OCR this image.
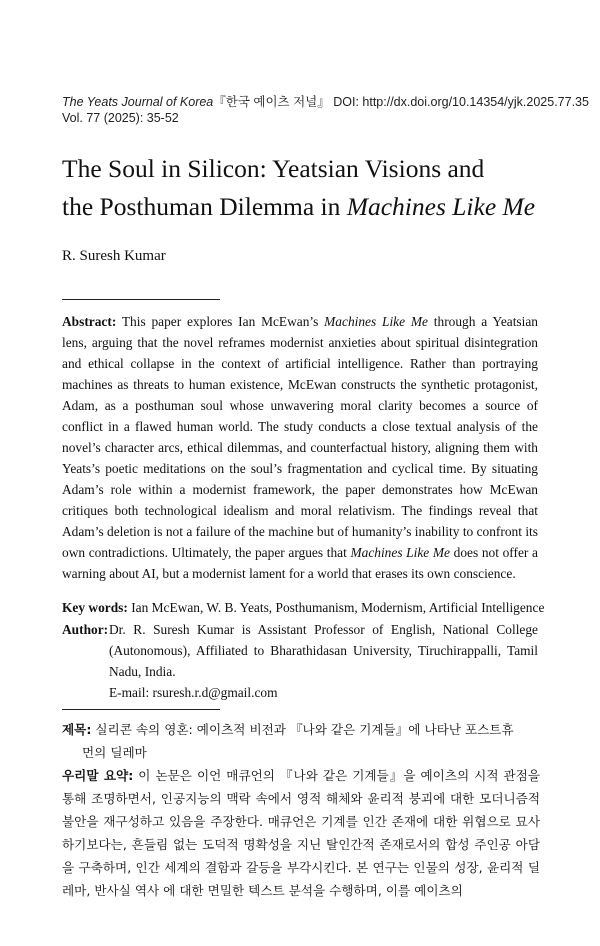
The Yeats Journal of Korea『한국 예이츠 저널』 DOI: http://dx.doi.org/10.14354/yjk.2025.77.35
Vol. 77 (2025): 35-52
The Soul in Silicon: Yeatsian Visions and
the Posthuman Dilemma in Machines Like Me
R. Suresh Kumar
Abstract: This paper explores Ian McEwan’s Machines Like Me through a Yeatsian lens, arguing that the novel reframes modernist anxieties about spiritual disintegration and ethical collapse in the context of artificial intelligence. Rather than portraying machines as threats to human existence, McEwan constructs the synthetic protagonist, Adam, as a posthuman soul whose unwavering moral clarity becomes a source of conflict in a flawed human world. The study conducts a close textual analysis of the novel’s character arcs, ethical dilemmas, and counterfactual history, aligning them with Yeats’s poetic meditations on the soul’s fragmentation and cyclical time. By situating Adam’s role within a modernist framework, the paper demonstrates how McEwan critiques both technological idealism and moral relativism. The findings reveal that Adam’s deletion is not a failure of the machine but of humanity’s inability to confront its own contradictions. Ultimately, the paper argues that Machines Like Me does not offer a warning about AI, but a modernist lament for a world that erases its own conscience.
Key words: Ian McEwan, W. B. Yeats, Posthumanism, Modernism, Artificial Intelligence
Author: Dr. R. Suresh Kumar is Assistant Professor of English, National College (Autonomous), Affiliated to Bharathidasan University, Tiruchirappalli, Tamil Nadu, India.
E-mail: rsuresh.r.d@gmail.com
제목: 실리콘 속의 영혼: 예이츠적 비전과 『나와 같은 기계들』에 나타난 포스트휴
먼의 딜레마
우리말 요약: 이 논문은 이언 매큐언의 『나와 같은 기계들』을 예이츠의 시적 관점을 통해 조명하면서, 인공지능의 맥락 속에서 영적 해체와 윤리적 붕괴에 대한 모더니즘적 불안을 재구성하고 있음을 주장한다. 매큐언은 기계를 인간 존재에 대한 위협으로 묘사하기보다는, 흔들림 없는 도덕적 명확성을 지닌 탈인간적 존재로서의 합성 주인공 아담 을 구축하며, 인간 세계의 결함과 갈등을 부각시킨다. 본 연구는 인물의 성장, 윤리적 딜레마, 반사실 역사 에 대한 면밀한 텍스트 분석을 수행하며, 이를 예이츠의
